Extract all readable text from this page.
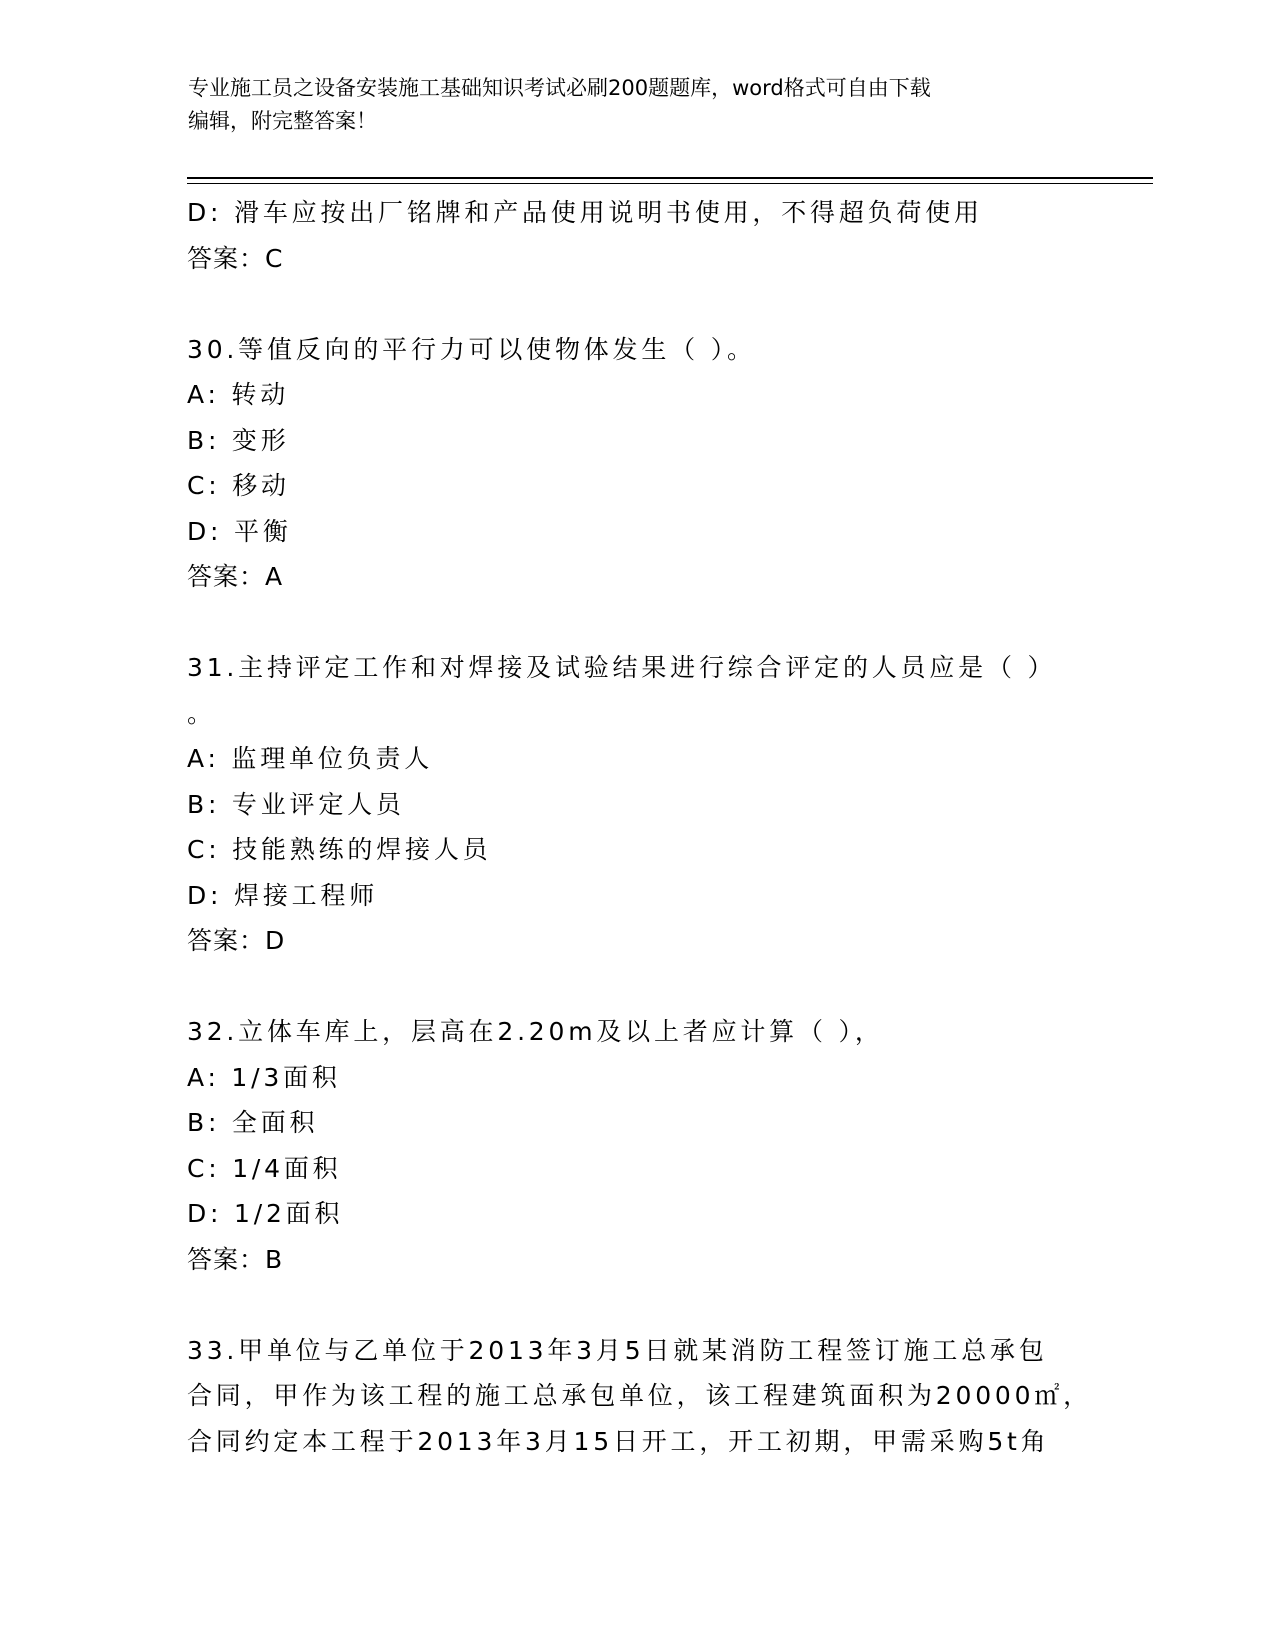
专业施工员之设备安装施工基础知识考试必刷200题题库，word格式可自由下载
编辑，附完整答案！
D: 滑车应按出厂铭牌和产品使用说明书使用，不得超负荷使用
答案：C
30.等值反向的平行力可以使物体发生（ ）。
A: 转动
B: 变形
C: 移动
D: 平衡
答案：A
31.主持评定工作和对焊接及试验结果进行综合评定的人员应是（ ）
。
A: 监理单位负责人
B: 专业评定人员
C: 技能熟练的焊接人员
D: 焊接工程师
答案：D
32.立体车库上，层高在2.20m及以上者应计算（ ），
A: 1/3面积
B: 全面积
C: 1/4面积
D: 1/2面积
答案：B
33.甲单位与乙单位于2013年3月5日就某消防工程签订施工总承包
合同，甲作为该工程的施工总承包单位，该工程建筑面积为20000㎡，
合同约定本工程于2013年3月15日开工，开工初期，甲需采购5t角
